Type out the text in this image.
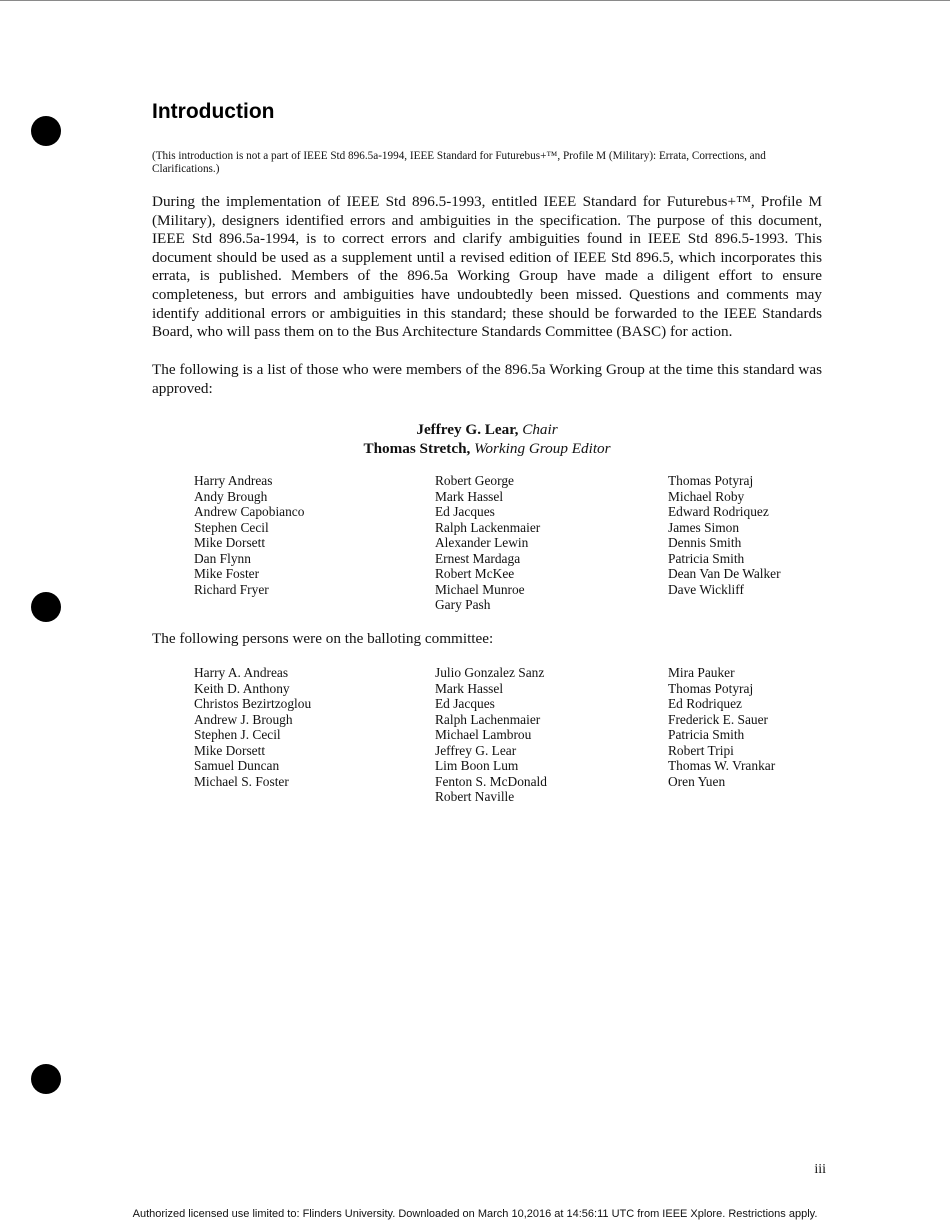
Introduction
(This introduction is not a part of IEEE Std 896.5a-1994, IEEE Standard for Futurebus+™, Profile M (Military): Errata, Corrections, and Clarifications.)

During the implementation of IEEE Std 896.5-1993, entitled IEEE Standard for Futurebus+™, Profile M (Military), designers identified errors and ambiguities in the specification. The purpose of this document, IEEE Std 896.5a-1994, is to correct errors and clarify ambiguities found in IEEE Std 896.5-1993. This document should be used as a supplement until a revised edition of IEEE Std 896.5, which incorporates this errata, is published. Members of the 896.5a Working Group have made a diligent effort to ensure completeness, but errors and ambiguities have undoubtedly been missed. Questions and comments may identify additional errors or ambiguities in this standard; these should be forwarded to the IEEE Standards Board, who will pass them on to the Bus Architecture Standards Committee (BASC) for action.

The following is a list of those who were members of the 896.5a Working Group at the time this standard was approved:

Jeffrey G. Lear, Chair
Thomas Stretch, Working Group Editor
Harry Andreas
Andy Brough
Andrew Capobianco
Stephen Cecil
Mike Dorsett
Dan Flynn
Mike Foster
Richard Fryer
Robert George
Mark Hassel
Ed Jacques
Ralph Lackenmaier
Alexander Lewin
Ernest Mardaga
Robert McKee
Michael Munroe
Gary Pash
Thomas Potyraj
Michael Roby
Edward Rodriquez
James Simon
Dennis Smith
Patricia Smith
Dean Van De Walker
Dave Wickliff
The following persons were on the balloting committee:
Harry A. Andreas
Keith D. Anthony
Christos Bezirtzoglou
Andrew J. Brough
Stephen J. Cecil
Mike Dorsett
Samuel Duncan
Michael S. Foster
Julio Gonzalez Sanz
Mark Hassel
Ed Jacques
Ralph Lachenmaier
Michael Lambrou
Jeffrey G. Lear
Lim Boon Lum
Fenton S. McDonald
Robert Naville
Mira Pauker
Thomas Potyraj
Ed Rodriquez
Frederick E. Sauer
Patricia Smith
Robert Tripi
Thomas W. Vrankar
Oren Yuen
iii
Authorized licensed use limited to: Flinders University. Downloaded on March 10,2016 at 14:56:11 UTC from IEEE Xplore. Restrictions apply.
